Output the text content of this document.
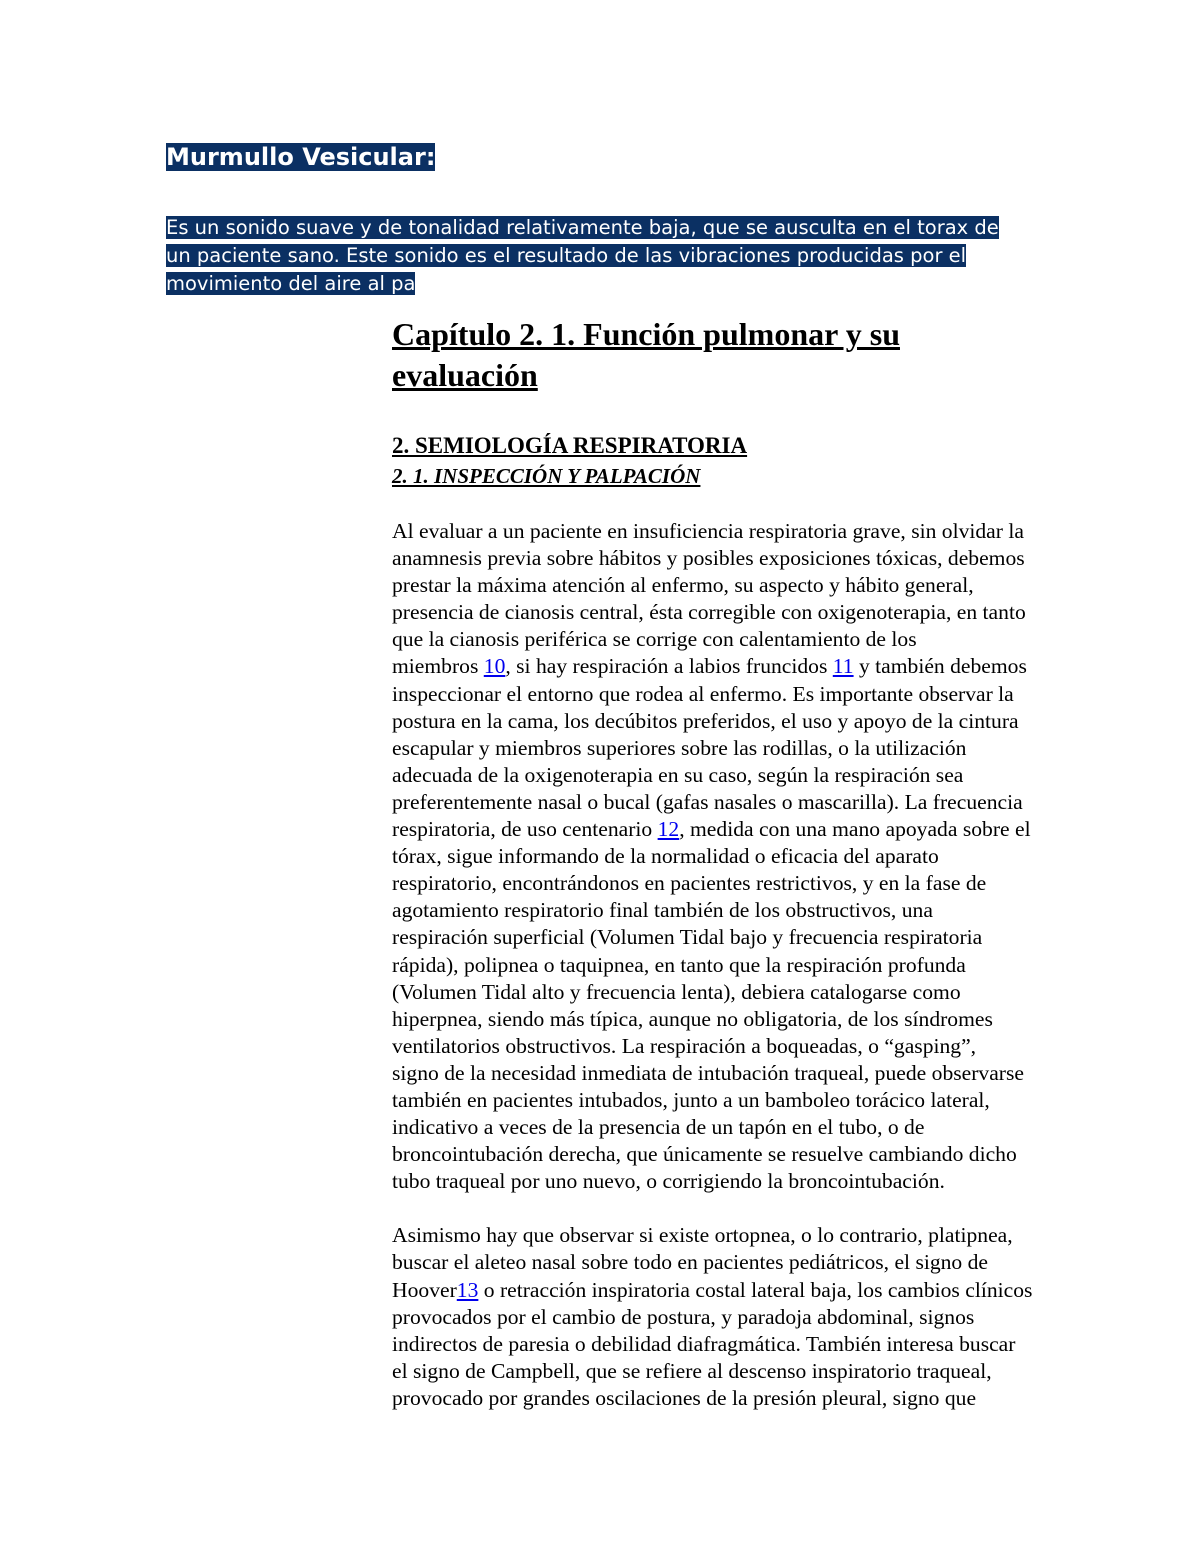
Murmullo Vesicular:

Es un sonido suave y de tonalidad relativamente baja, que se ausculta en el torax de
un paciente sano. Este sonido es el resultado de las vibraciones producidas por el
movimiento del aire al pa

Capítulo 2. 1. Función pulmonar y su
evaluación
2. SEMIOLOGÍA RESPIRATORIA
2. 1. INSPECCIÓN Y PALPACIÓN

Al evaluar a un paciente en insuficiencia respiratoria grave, sin olvidar la
anamnesis previa sobre hábitos y posibles exposiciones tóxicas, debemos
prestar la máxima atención al enfermo, su aspecto y hábito general,
presencia de cianosis central, ésta corregible con oxigenoterapia, en tanto
que la cianosis periférica se corrige con calentamiento de los
miembros 10, si hay respiración a labios fruncidos 11 y también debemos
inspeccionar el entorno que rodea al enfermo. Es importante observar la
postura en la cama, los decúbitos preferidos, el uso y apoyo de la cintura
escapular y miembros superiores sobre las rodillas, o la utilización
adecuada de la oxigenoterapia en su caso, según la respiración sea
preferentemente nasal o bucal (gafas nasales o mascarilla). La frecuencia
respiratoria, de uso centenario 12, medida con una mano apoyada sobre el
tórax, sigue informando de la normalidad o eficacia del aparato
respiratorio, encontrándonos en pacientes restrictivos, y en la fase de
agotamiento respiratorio final también de los obstructivos, una
respiración superficial (Volumen Tidal bajo y frecuencia respiratoria
rápida), polipnea o taquipnea, en tanto que la respiración profunda
(Volumen Tidal alto y frecuencia lenta), debiera catalogarse como
hiperpnea, siendo más típica, aunque no obligatoria, de los síndromes
ventilatorios obstructivos. La respiración a boqueadas, o “gasping”,
signo de la necesidad inmediata de intubación traqueal, puede observarse
también en pacientes intubados, junto a un bamboleo torácico lateral,
indicativo a veces de la presencia de un tapón en el tubo, o de
broncointubación derecha, que únicamente se resuelve cambiando dicho
tubo traqueal por uno nuevo, o corrigiendo la broncointubación.

Asimismo hay que observar si existe ortopnea, o lo contrario, platipnea,
buscar el aleteo nasal sobre todo en pacientes pediátricos, el signo de
Hoover13 o retracción inspiratoria costal lateral baja, los cambios clínicos
provocados por el cambio de postura, y paradoja abdominal, signos
indirectos de paresia o debilidad diafragmática. También interesa buscar
el signo de Campbell, que se refiere al descenso inspiratorio traqueal,
provocado por grandes oscilaciones de la presión pleural, signo que
